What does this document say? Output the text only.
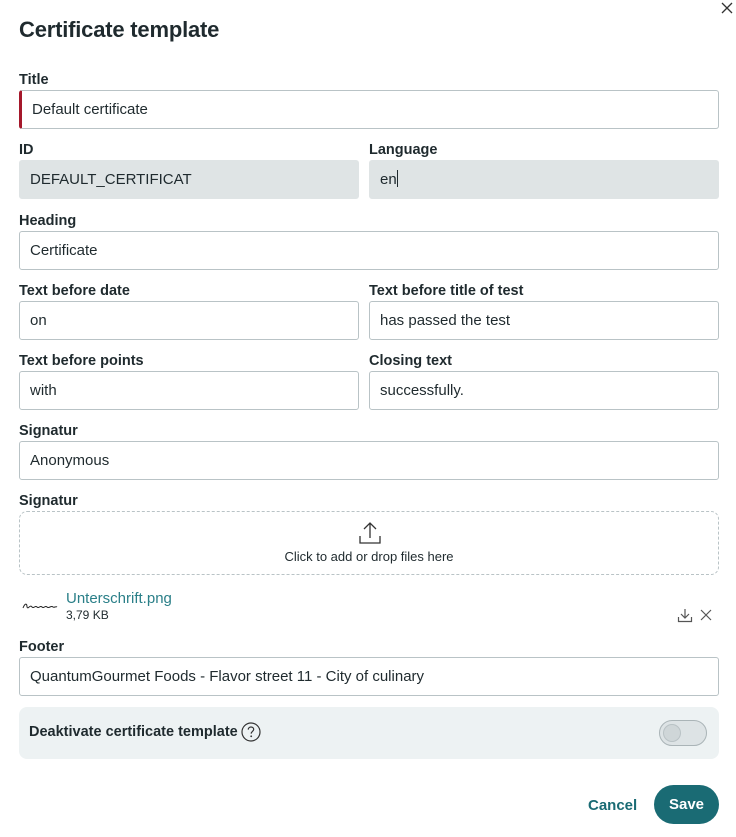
Certificate template
Title
Default certificate
ID
DEFAULT_CERTIFICAT
Language
en
Heading
Certificate
Text before date
on
Text before title of test
has passed the test
Text before points
with
Closing text
successfully.
Signatur
Anonymous
Signatur
Click to add or drop files here
Unterschrift.png
3,79 KB
Footer
QuantumGourmet Foods - Flavor street 11 - City of culinary
Deaktivate certificate template
Cancel	Save
